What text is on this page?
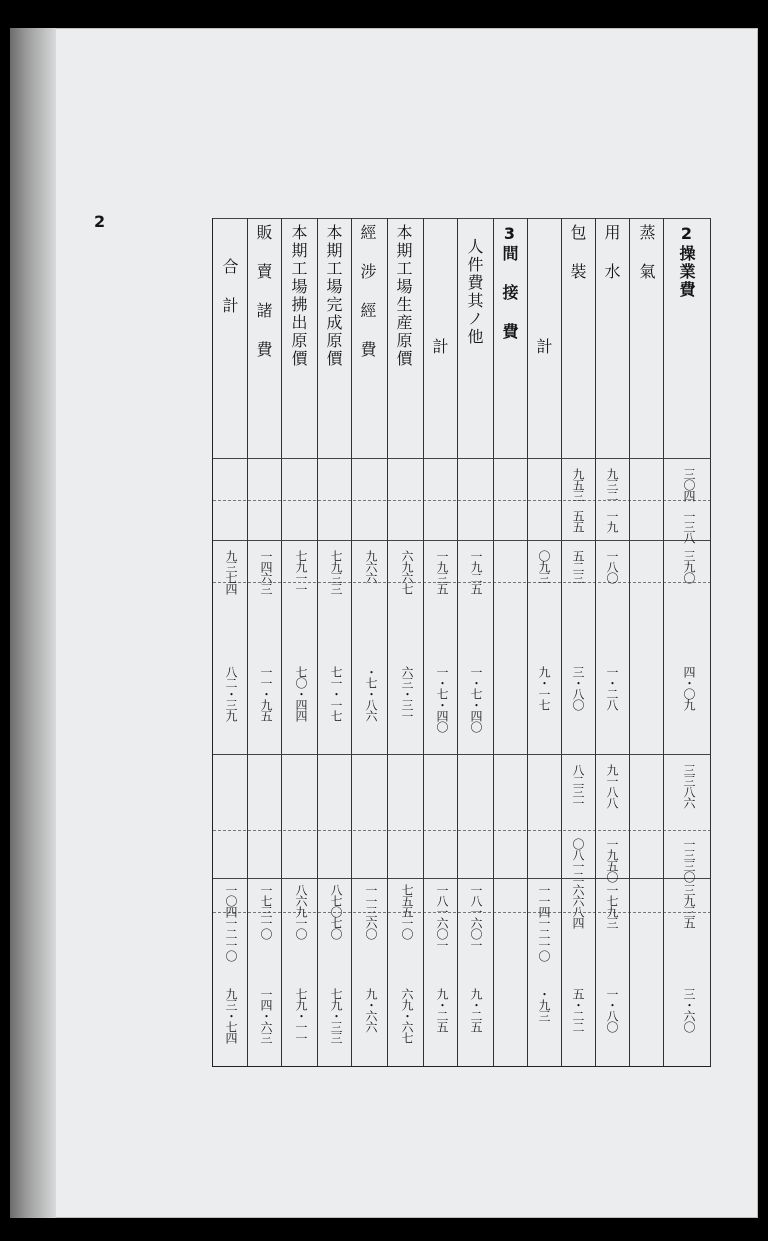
2
2操業費
蒸 氣
用 水
包 裝
計
3間 接 費
人件費其ノ他
計
本期工場生産原價
經 涉 經 費
本期工場完成原價
本期工場拂出原價
販 賣 諸 費
合 計
三〇四
一三八
三九〇
四・〇九
三三八六
一三三〇
三九三五
三・六〇
九三二
一九
一八〇
一・二八
九一八八
一九五〇
一七九三
一・八〇
九五三
五五
五二三
三・八〇
八二三一
〇八一二
六六八四
五・二二
〇九三
九・一七
一一四一二一〇
・九三
一九二五
一・七・四〇
一八一六〇一
九・二五
一九三五
一・七・四〇
一八一六〇一
九・二五
六九六七
六三・三一
七五五一〇
六九・六七
九六六
・七・八六
一一三六〇
九・六六
七九三三
七一・一七
八七〇七〇
七九・三三
七九一一
七〇・四四
八六九一〇
七九・一一
一四六三
一一・九五
一七三一〇
一四・六三
九三七四
八二・三九
一〇四一二一〇
九三・七四
